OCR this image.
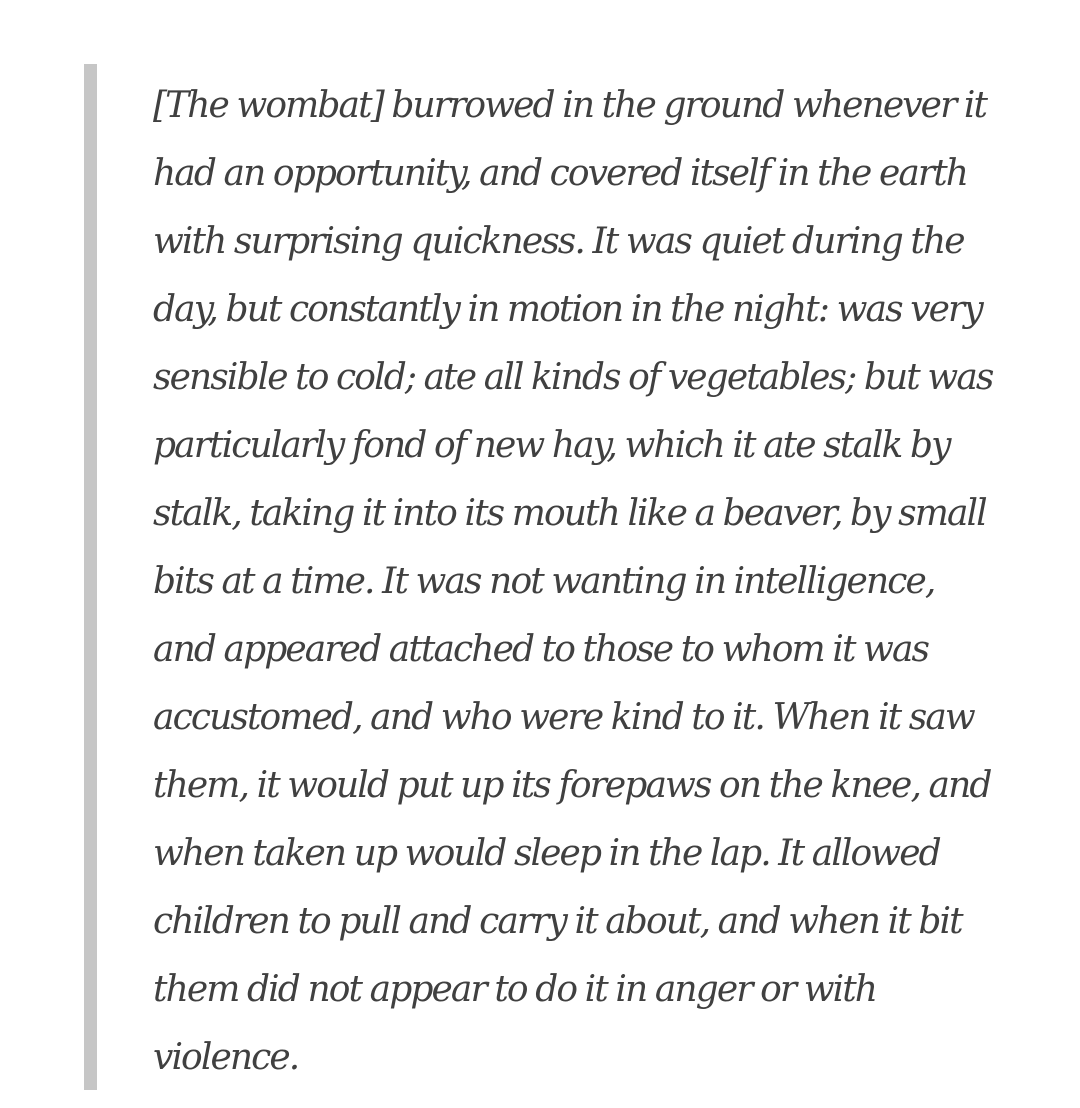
[The wombat] burrowed in the ground whenever it
had an opportunity, and covered itself in the earth
with surprising quickness. It was quiet during the
day, but constantly in motion in the night: was very
sensible to cold; ate all kinds of vegetables; but was
particularly fond of new hay, which it ate stalk by
stalk, taking it into its mouth like a beaver, by small
bits at a time. It was not wanting in intelligence,
and appeared attached to those to whom it was
accustomed, and who were kind to it. When it saw
them, it would put up its forepaws on the knee, and
when taken up would sleep in the lap. It allowed
children to pull and carry it about, and when it bit
them did not appear to do it in anger or with
violence.
